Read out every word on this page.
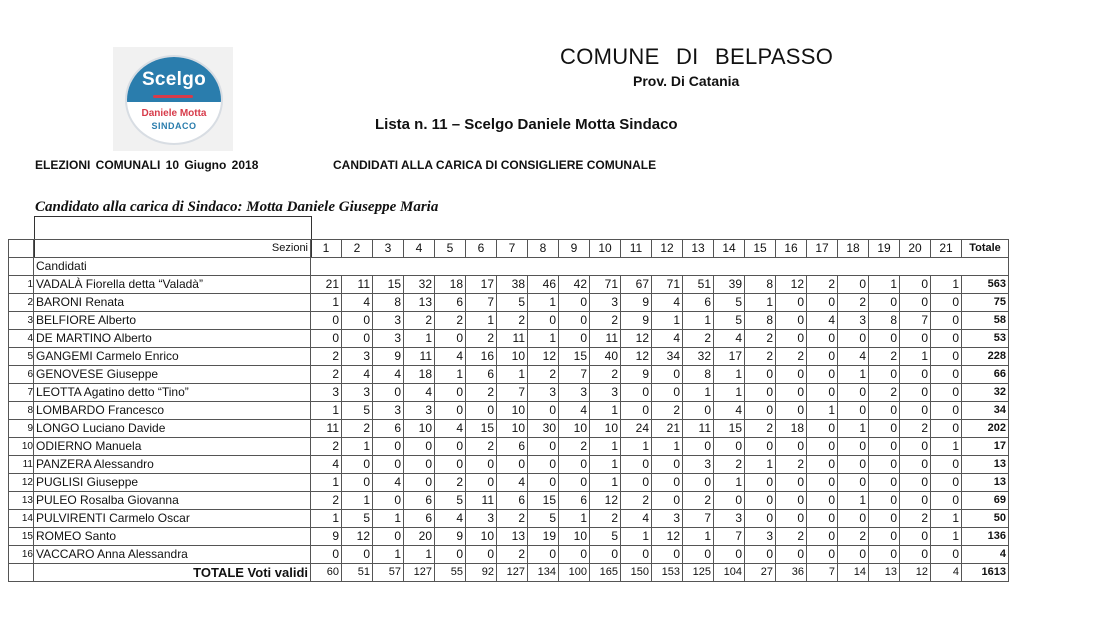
Scelgo
Daniele Motta
SINDACO
COMUNE DI BELPASSO
Prov. Di Catania
Lista n. 11 – Scelgo Daniele Motta Sindaco
ELEZIONI COMUNALI 10 Giugno 2018	CANDIDATI ALLA CARICA DI CONSIGLIERE COMUNALE
Candidato alla carica di Sindaco: Motta Daniele Giuseppe Maria
	Sezioni	1	2	3	4	5	6	7	8	9	10	11	12	13	14	15	16	17	18	19	20	21	Totale
	Candidati																						
1	VADALÀ Fiorella detta “Valadà”	21	11	15	32	18	17	38	46	42	71	67	71	51	39	8	12	2	0	1	0	1	563
2	BARONI Renata	1	4	8	13	6	7	5	1	0	3	9	4	6	5	1	0	0	2	0	0	0	75
3	BELFIORE Alberto	0	0	3	2	2	1	2	0	0	2	9	1	1	5	8	0	4	3	8	7	0	58
4	DE MARTINO Alberto	0	0	3	1	0	2	11	1	0	11	12	4	2	4	2	0	0	0	0	0	0	53
5	GANGEMI Carmelo Enrico	2	3	9	11	4	16	10	12	15	40	12	34	32	17	2	2	0	4	2	1	0	228
6	GENOVESE Giuseppe	2	4	4	18	1	6	1	2	7	2	9	0	8	1	0	0	0	1	0	0	0	66
7	LEOTTA Agatino detto “Tino”	3	3	0	4	0	2	7	3	3	3	0	0	1	1	0	0	0	0	2	0	0	32
8	LOMBARDO Francesco	1	5	3	3	0	0	10	0	4	1	0	2	0	4	0	0	1	0	0	0	0	34
9	LONGO Luciano Davide	11	2	6	10	4	15	10	30	10	10	24	21	11	15	2	18	0	1	0	2	0	202
10	ODIERNO Manuela	2	1	0	0	0	2	6	0	2	1	1	1	0	0	0	0	0	0	0	0	1	17
11	PANZERA Alessandro	4	0	0	0	0	0	0	0	0	1	0	0	3	2	1	2	0	0	0	0	0	13
12	PUGLISI Giuseppe	1	0	4	0	2	0	4	0	0	1	0	0	0	1	0	0	0	0	0	0	0	13
13	PULEO Rosalba Giovanna	2	1	0	6	5	11	6	15	6	12	2	0	2	0	0	0	0	1	0	0	0	69
14	PULVIRENTI Carmelo Oscar	1	5	1	6	4	3	2	5	1	2	4	3	7	3	0	0	0	0	0	2	1	50
15	ROMEO Santo	9	12	0	20	9	10	13	19	10	5	1	12	1	7	3	2	0	2	0	0	1	136
16	VACCARO Anna Alessandra	0	0	1	1	0	0	2	0	0	0	0	0	0	0	0	0	0	0	0	0	0	4
	TOTALE Voti validi	60	51	57	127	55	92	127	134	100	165	150	153	125	104	27	36	7	14	13	12	4	1613
